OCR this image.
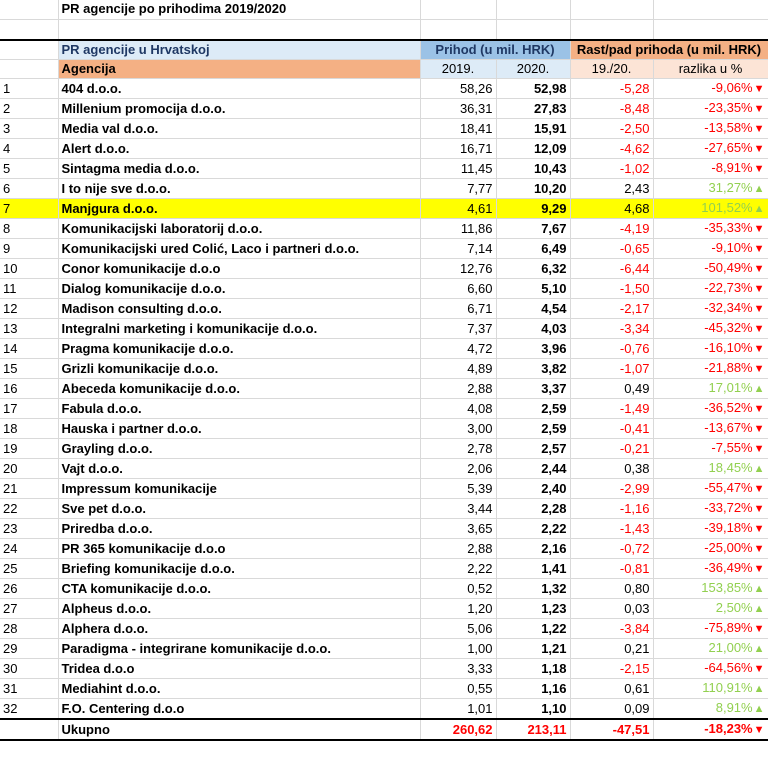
	PR agencije po prihodima 2019/2020				

	PR agencije u Hrvatskoj	Prihod (u mil. HRK)		Rast/pad prihoda (u mil. HRK)	
	Agencija	2019.	2020.	19./20.	razlika u %
1	404 d.o.o.	58,26	52,98	-5,28	-9,06%▼
2	Millenium promocija d.o.o.	36,31	27,83	-8,48	-23,35%▼
3	Media val d.o.o.	18,41	15,91	-2,50	-13,58%▼
4	Alert d.o.o.	16,71	12,09	-4,62	-27,65%▼
5	Sintagma media d.o.o.	11,45	10,43	-1,02	-8,91%▼
6	I to nije sve d.o.o.	7,77	10,20	2,43	31,27%▲
7	Manjgura d.o.o.	4,61	9,29	4,68	101,52%▲
8	Komunikacijski laboratorij d.o.o.	11,86	7,67	-4,19	-35,33%▼
9	Komunikacijski ured Colić, Laco i partneri d.o.o.	7,14	6,49	-0,65	-9,10%▼
10	Conor komunikacije d.o.o	12,76	6,32	-6,44	-50,49%▼
11	Dialog komunikacije d.o.o.	6,60	5,10	-1,50	-22,73%▼
12	Madison consulting d.o.o.	6,71	4,54	-2,17	-32,34%▼
13	Integralni marketing i komunikacije d.o.o.	7,37	4,03	-3,34	-45,32%▼
14	Pragma komunikacije d.o.o.	4,72	3,96	-0,76	-16,10%▼
15	Grizli komunikacije d.o.o.	4,89	3,82	-1,07	-21,88%▼
16	Abeceda komunikacije d.o.o.	2,88	3,37	0,49	17,01%▲
17	Fabula d.o.o.	4,08	2,59	-1,49	-36,52%▼
18	Hauska i partner d.o.o.	3,00	2,59	-0,41	-13,67%▼
19	Grayling d.o.o.	2,78	2,57	-0,21	-7,55%▼
20	Vajt d.o.o.	2,06	2,44	0,38	18,45%▲
21	Impressum komunikacije	5,39	2,40	-2,99	-55,47%▼
22	Sve pet d.o.o.	3,44	2,28	-1,16	-33,72%▼
23	Priredba d.o.o.	3,65	2,22	-1,43	-39,18%▼
24	PR 365 komunikacije d.o.o	2,88	2,16	-0,72	-25,00%▼
25	Briefing komunikacije d.o.o.	2,22	1,41	-0,81	-36,49%▼
26	CTA komunikacije d.o.o.	0,52	1,32	0,80	153,85%▲
27	Alpheus d.o.o.	1,20	1,23	0,03	2,50%▲
28	Alphera d.o.o.	5,06	1,22	-3,84	-75,89%▼
29	Paradigma - integrirane komunikacije d.o.o.	1,00	1,21	0,21	21,00%▲
30	Tridea d.o.o	3,33	1,18	-2,15	-64,56%▼
31	Mediahint d.o.o.	0,55	1,16	0,61	110,91%▲
32	F.O. Centering d.o.o	1,01	1,10	0,09	8,91%▲
	Ukupno	260,62	213,11	-47,51	-18,23%▼
